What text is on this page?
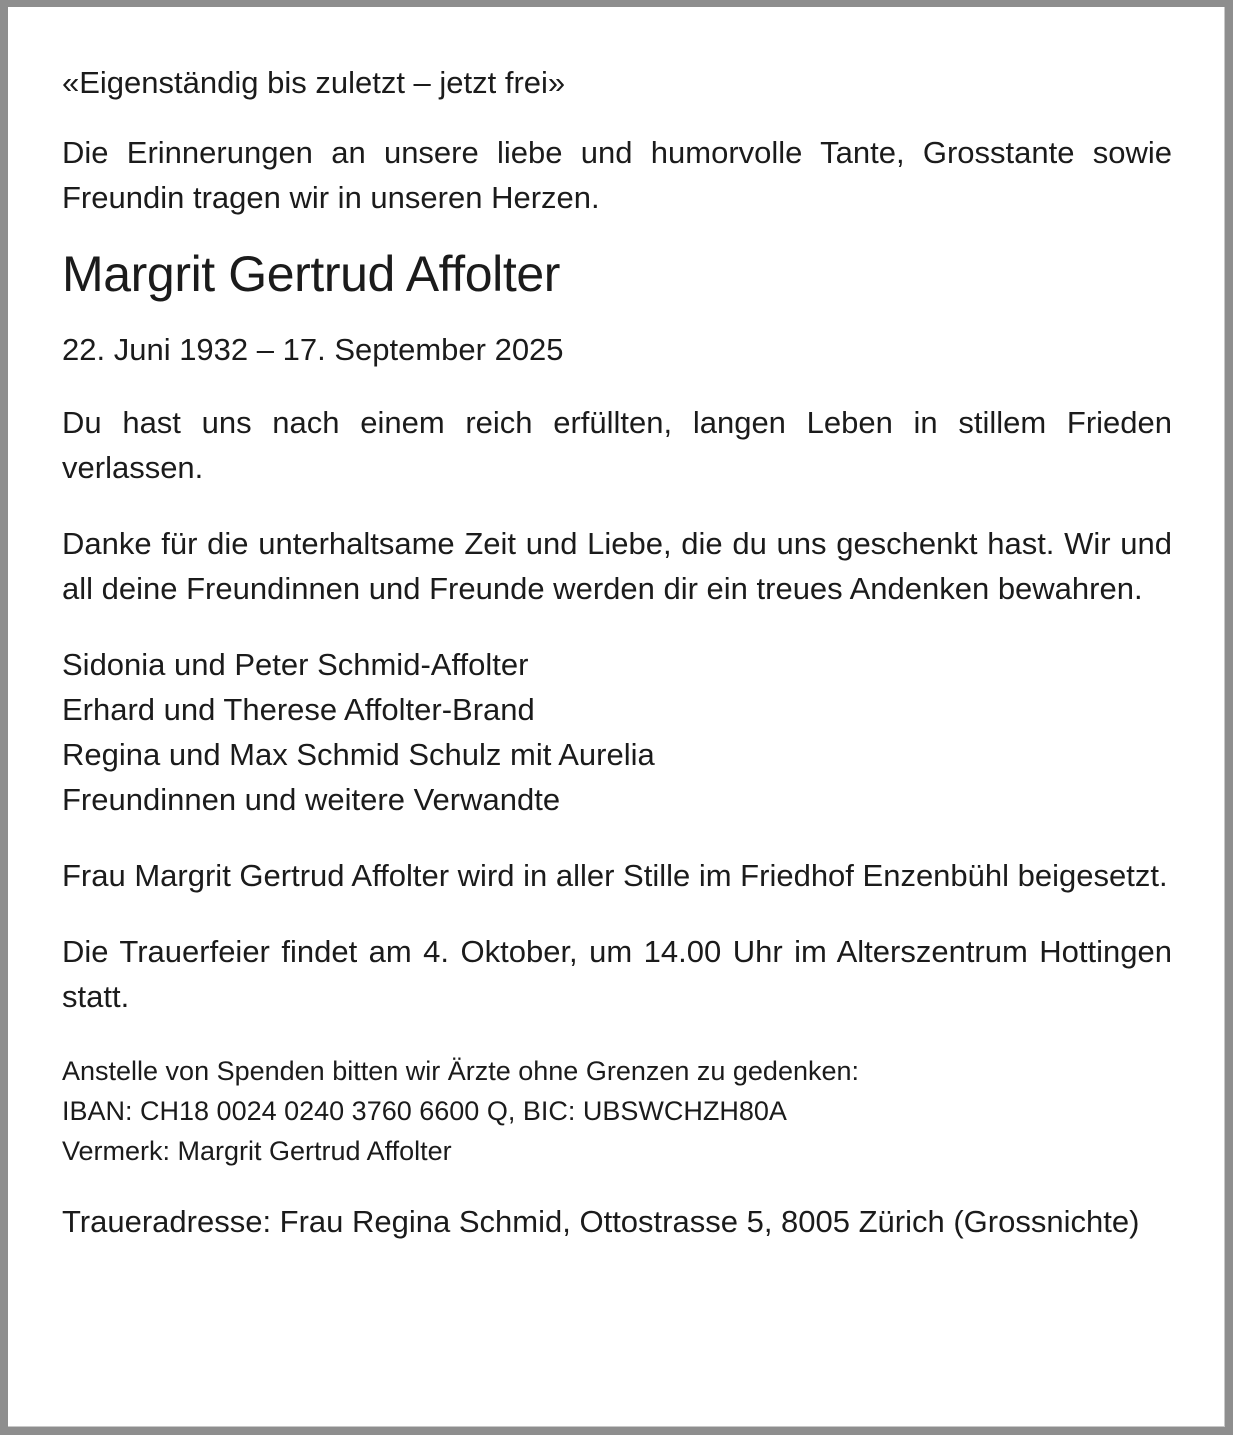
«Eigenständig bis zuletzt – jetzt frei»

Die Erinnerungen an unsere liebe und humorvolle Tante, Grosstante sowie Freundin tragen wir in unseren Herzen.

Margrit Gertrud Affolter

22. Juni 1932 – 17. September 2025

Du hast uns nach einem reich erfüllten, langen Leben in stillem Frieden verlassen.

Danke für die unterhaltsame Zeit und Liebe, die du uns geschenkt hast. Wir und all deine Freundinnen und Freunde werden dir ein treues Andenken bewahren.

Sidonia und Peter Schmid-Affolter
Erhard und Therese Affolter-Brand
Regina und Max Schmid Schulz mit Aurelia
Freundinnen und weitere Verwandte

Frau Margrit Gertrud Affolter wird in aller Stille im Friedhof Enzenbühl beigesetzt.

Die Trauerfeier findet am 4. Oktober, um 14.00 Uhr im Alterszentrum Hottingen statt.

Anstelle von Spenden bitten wir Ärzte ohne Grenzen zu gedenken:
IBAN: CH18 0024 0240 3760 6600 Q, BIC: UBSWCHZH80A
Vermerk: Margrit Gertrud Affolter

Traueradresse: Frau Regina Schmid, Ottostrasse 5, 8005 Zürich (Grossnichte)
